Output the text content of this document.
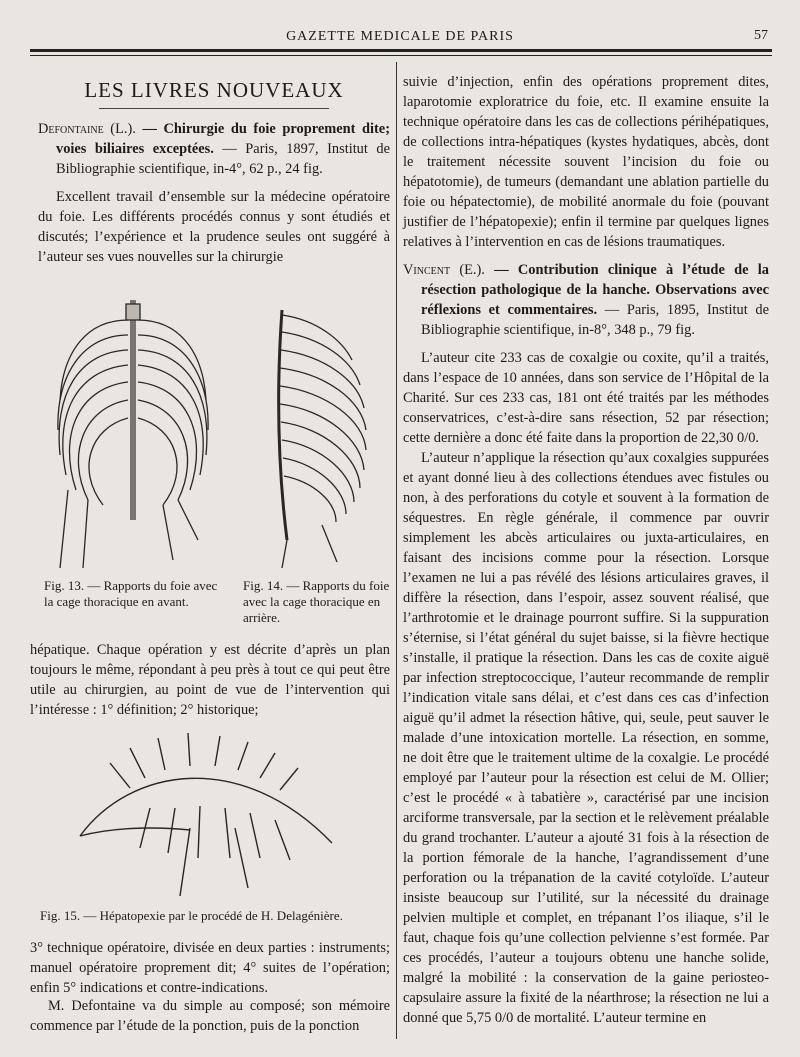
GAZETTE MEDICALE DE PARIS	57
LES LIVRES NOUVEAUX

Defontaine (L.). — Chirurgie du foie proprement dite; voies biliaires exceptées. — Paris, 1897, Institut de Bibliographie scientifique, in-4°, 62 p., 24 fig.

Excellent travail d’ensemble sur la médecine opératoire du foie. Les différents procédés connus y sont étudiés et discutés; l’expérience et la prudence seules ont suggéré à l’auteur ses vues nouvelles sur la chirurgie

Fig. 13. — Rapports du foie avec la cage thoracique en avant.
Fig. 14. — Rapports du foie avec la cage thoracique en arrière.

hépatique. Chaque opération y est décrite d’après un plan toujours le même, répondant à peu près à tout ce qui peut être utile au chirurgien, au point de vue de l’intervention qui l’intéresse : 1° définition; 2° historique;

Fig. 15. — Hépatopexie par le procédé de H. Delagénière.

3° technique opératoire, divisée en deux parties : instruments; manuel opératoire proprement dit; 4° suites de l’opération; enfin 5° indications et contre-indications.

M. Defontaine va du simple au composé; son mémoire commence par l’étude de la ponction, puis de la ponction

suivie d’injection, enfin des opérations proprement dites, laparotomie exploratrice du foie, etc. Il examine ensuite la technique opératoire dans les cas de collections périhépatiques, de collections intra-hépatiques (kystes hydatiques, abcès, dont le traitement nécessite souvent l’incision du foie ou hépatotomie), de tumeurs (demandant une ablation partielle du foie ou hépatectomie), de mobilité anormale du foie (pouvant justifier de l’hépatopexie); enfin il termine par quelques lignes relatives à l’intervention en cas de lésions traumatiques.

Vincent (E.). — Contribution clinique à l’étude de la résection pathologique de la hanche. Observations avec réflexions et commentaires. — Paris, 1895, Institut de Bibliographie scientifique, in-8°, 348 p., 79 fig.

L’auteur cite 233 cas de coxalgie ou coxite, qu’il a traités, dans l’espace de 10 années, dans son service de l’Hôpital de la Charité. Sur ces 233 cas, 181 ont été traités par les méthodes conservatrices, c’est-à-dire sans résection, 52 par résection; cette dernière a donc été faite dans la proportion de 22,30 0/0.

L’auteur n’applique la résection qu’aux coxalgies suppurées et ayant donné lieu à des collections étendues avec fistules ou non, à des perforations du cotyle et souvent à la formation de séquestres. En règle générale, il commence par ouvrir simplement les abcès articulaires ou juxta-articulaires, en faisant des incisions comme pour la résection. Lorsque l’examen ne lui a pas révélé des lésions articulaires graves, il diffère la résection, dans l’espoir, assez souvent réalisé, que l’arthrotomie et le drainage pourront suffire. Si la suppuration s’éternise, si l’état général du sujet baisse, si la fièvre hectique s’installe, il pratique la résection. Dans les cas de coxite aiguë par infection streptococcique, l’auteur recommande de remplir l’indication vitale sans délai, et c’est dans ces cas d’infection aiguë qu’il admet la résection hâtive, qui, seule, peut sauver le malade d’une intoxication mortelle. La résection, en somme, ne doit être que le traitement ultime de la coxalgie. Le procédé employé par l’auteur pour la résection est celui de M. Ollier; c’est le procédé « à tabatière », caractérisé par une incision arciforme transversale, par la section et le relèvement préalable du grand trochanter. L’auteur a ajouté 31 fois à la résection de la portion fémorale de la hanche, l’agrandissement d’une perforation ou la trépanation de la cavité cotyloïde. L’auteur insiste beaucoup sur l’utilité, sur la nécessité du drainage pelvien multiple et complet, en trépanant l’os iliaque, s’il le faut, chaque fois qu’une collection pelvienne s’est formée. Par ces procédés, l’auteur a toujours obtenu une hanche solide, malgré la mobilité : la conservation de la gaine periosteo-capsulaire assure la fixité de la néarthrose; la résection ne lui a donné que 5,75 0/0 de mortalité. L’auteur termine en
